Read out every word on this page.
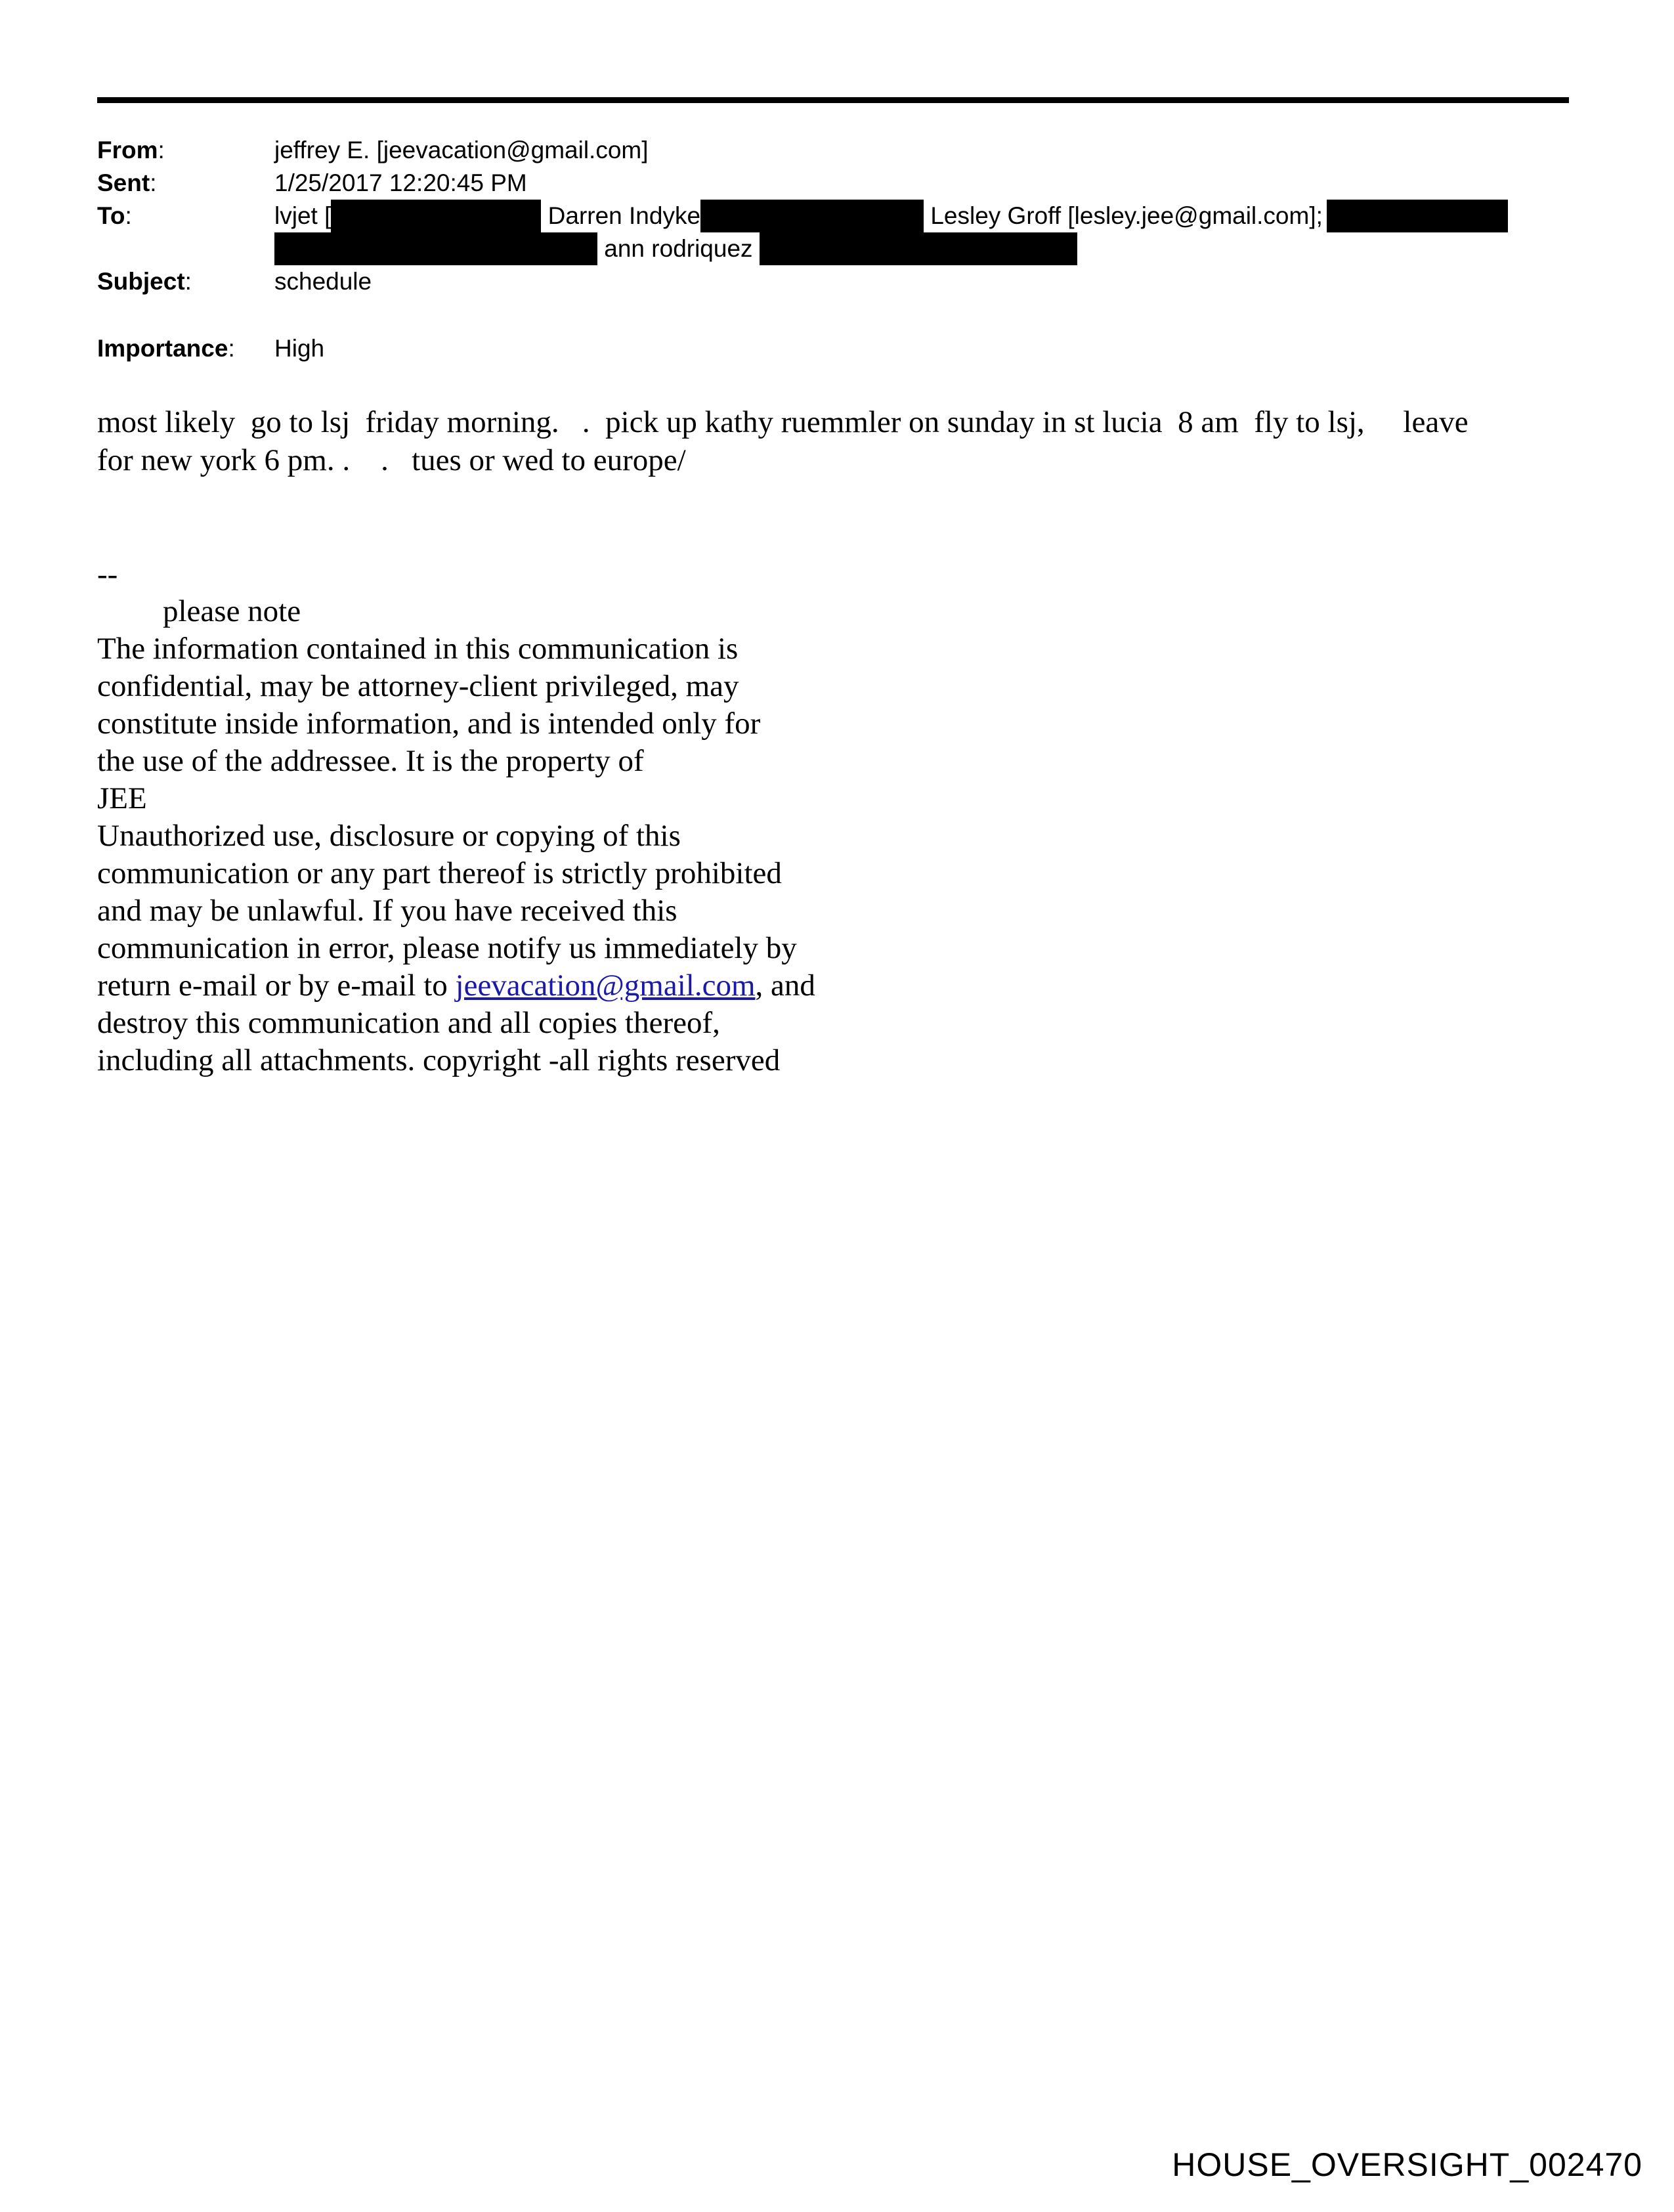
From:	jeffrey E. [jeevacation@gmail.com]
Sent:	1/25/2017 12:20:45 PM
To:	lvjet [	Darren Indyke	Lesley Groff [lesley.jee@gmail.com];
ann rodriquez
Subject:	schedule
Importance: High
most likely  go to lsj  friday morning.   .  pick up kathy ruemmler on sunday in st lucia  8 am  fly to lsj,     leave
for new york 6 pm. .    .   tues or wed to europe/
--
please note
The information contained in this communication is
confidential, may be attorney-client privileged, may
constitute inside information, and is intended only for
the use of the addressee. It is the property of
JEE
Unauthorized use, disclosure or copying of this
communication or any part thereof is strictly prohibited
and may be unlawful. If you have received this
communication in error, please notify us immediately by
return e-mail or by e-mail to jeevacation@gmail.com, and
destroy this communication and all copies thereof,
including all attachments. copyright -all rights reserved
HOUSE_OVERSIGHT_002470
